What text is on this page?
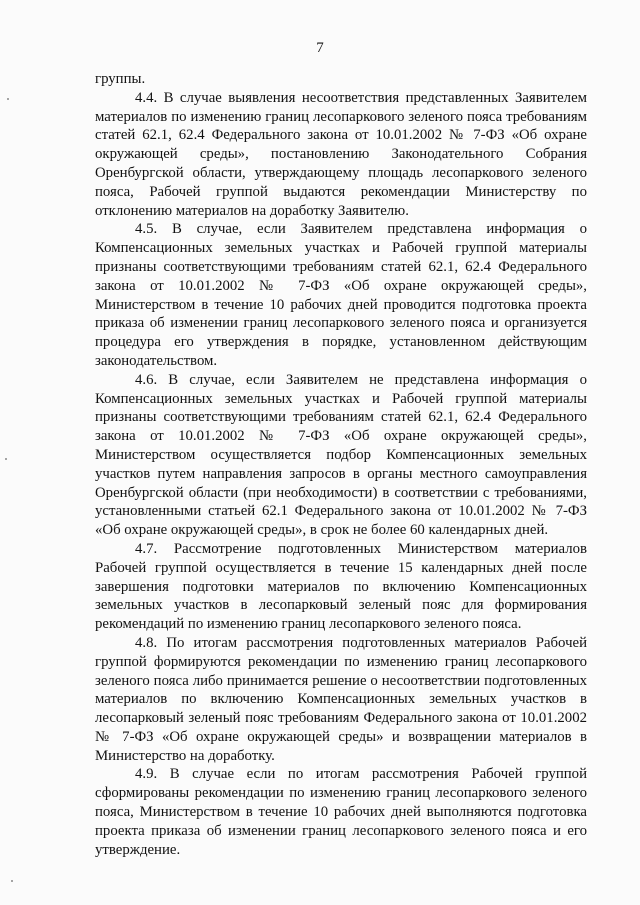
7

группы.

4.4. В случае выявления несоответствия представленных Заявителем материалов по изменению границ лесопаркового зеленого пояса требованиям статей 62.1, 62.4 Федерального закона от 10.01.2002 № 7-ФЗ «Об охране окружающей среды», постановлению Законодательного Собрания Оренбургской области, утверждающему площадь лесопаркового зеленого пояса, Рабочей группой выдаются рекомендации Министерству по отклонению материалов на доработку Заявителю.

4.5. В случае, если Заявителем представлена информация о Компенсационных земельных участках и Рабочей группой материалы признаны соответствующими требованиям статей 62.1, 62.4 Федерального закона от 10.01.2002 № 7-ФЗ «Об охране окружающей среды», Министерством в течение 10 рабочих дней проводится подготовка проекта приказа об изменении границ лесопаркового зеленого пояса и организуется процедура его утверждения в порядке, установленном действующим законодательством.

4.6. В случае, если Заявителем не представлена информация о Компенсационных земельных участках и Рабочей группой материалы признаны соответствующими требованиям статей 62.1, 62.4 Федерального закона от 10.01.2002 № 7-ФЗ «Об охране окружающей среды», Министерством осуществляется подбор Компенсационных земельных участков путем направления запросов в органы местного самоуправления Оренбургской области (при необходимости) в соответствии с требованиями, установленными статьей 62.1 Федерального закона от 10.01.2002 № 7-ФЗ «Об охране окружающей среды», в срок не более 60 календарных дней.

4.7. Рассмотрение подготовленных Министерством материалов Рабочей группой осуществляется в течение 15 календарных дней после завершения подготовки материалов по включению Компенсационных земельных участков в лесопарковый зеленый пояс для формирования рекомендаций по изменению границ лесопаркового зеленого пояса.

4.8. По итогам рассмотрения подготовленных материалов Рабочей группой формируются рекомендации по изменению границ лесопаркового зеленого пояса либо принимается решение о несоответствии подготовленных материалов по включению Компенсационных земельных участков в лесопарковый зеленый пояс требованиям Федерального закона от 10.01.2002 № 7-ФЗ «Об охране окружающей среды» и возвращении материалов в Министерство на доработку.

4.9. В случае если по итогам рассмотрения Рабочей группой сформированы рекомендации по изменению границ лесопаркового зеленого пояса, Министерством в течение 10 рабочих дней выполняются подготовка проекта приказа об изменении границ лесопаркового зеленого пояса и его утверждение.
